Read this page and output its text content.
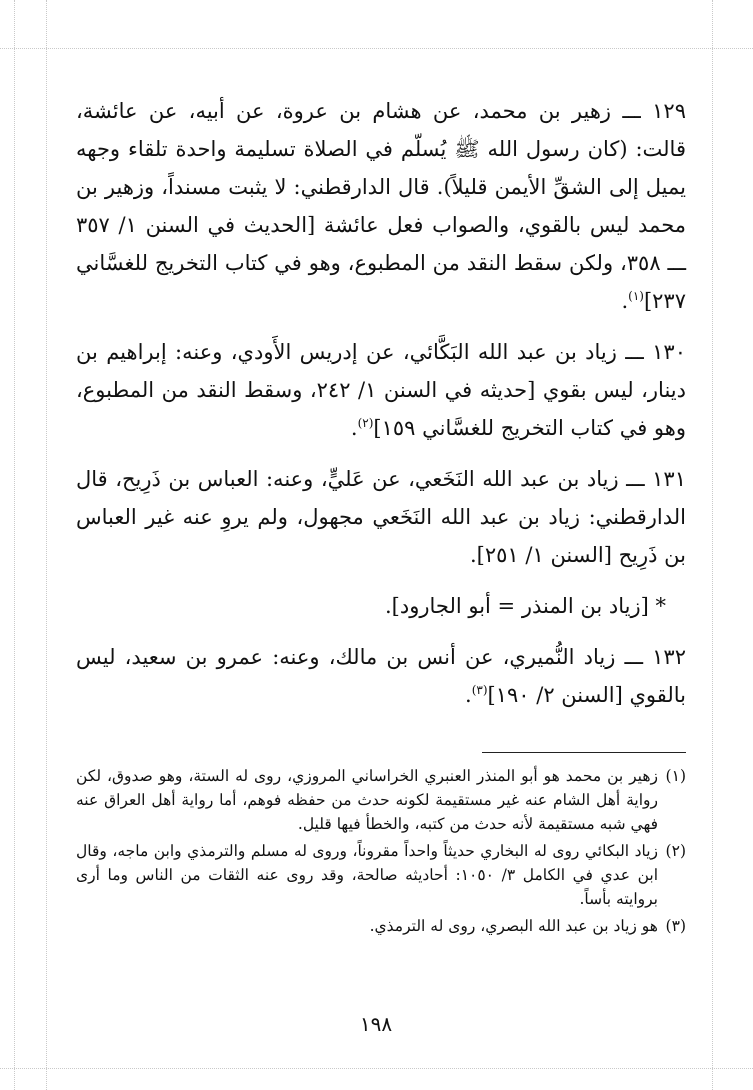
١٢٩ ـــ زهير بن محمد، عن هشام بن عروة، عن أبيه، عن عائشة، قالت: (كان رسول الله ﷺ يُسلّم في الصلاة تسليمة واحدة تلقاء وجهه يميل إلى الشقِّ الأيمن قليلاً). قال الدارقطني: لا يثبت مسنداً، وزهير بن محمد ليس بالقوي، والصواب فعل عائشة [الحديث في السنن ١/ ٣٥٧ ـــ ٣٥٨، ولكن سقط النقد من المطبوع، وهو في كتاب التخريج للغسَّاني ٢٣٧]$^{(١)}$.

١٣٠ ـــ زياد بن عبد الله البَكَّائي، عن إدريس الأَودي، وعنه: إبراهيم بن دينار، ليس بقوي [حديثه في السنن ١/ ٢٤٢، وسقط النقد من المطبوع، وهو في كتاب التخريج للغسَّاني ١٥٩]$^{(٢)}$.

١٣١ ـــ زياد بن عبد الله النَخَعي، عن عَليٍّ، وعنه: العباس بن ذَرِيح، قال الدارقطني: زياد بن عبد الله النَخَعي مجهول، ولم يروِ عنه غير العباس بن ذَرِيح [السنن ١/ ٢٥١].

* [زياد بن المنذر = أبو الجارود].

١٣٢ ـــ زياد النُّميري، عن أنس بن مالك، وعنه: عمرو بن سعيد، ليس بالقوي [السنن ٢/ ١٩٠]$^{(٣)}$.

(١)
زهير بن محمد هو أبو المنذر العنبري الخراساني المروزي، روى له الستة، وهو صدوق، لكن رواية أهل الشام عنه غير مستقيمة لكونه حدث من حفظه فوهم، أما رواية أهل العراق عنه فهي شبه مستقيمة لأنه حدث من كتبه، والخطأ فيها قليل.
(٢)
زياد البكائي روى له البخاري حديثاً واحداً مقروناً، وروى له مسلم والترمذي وابن ماجه، وقال ابن عدي في الكامل ٣/ ١٠٥٠: أحاديثه صالحة، وقد روى عنه الثقات من الناس وما أرى بروايته بأساً.
(٣)
هو زياد بن عبد الله البصري، روى له الترمذي.
١٩٨
